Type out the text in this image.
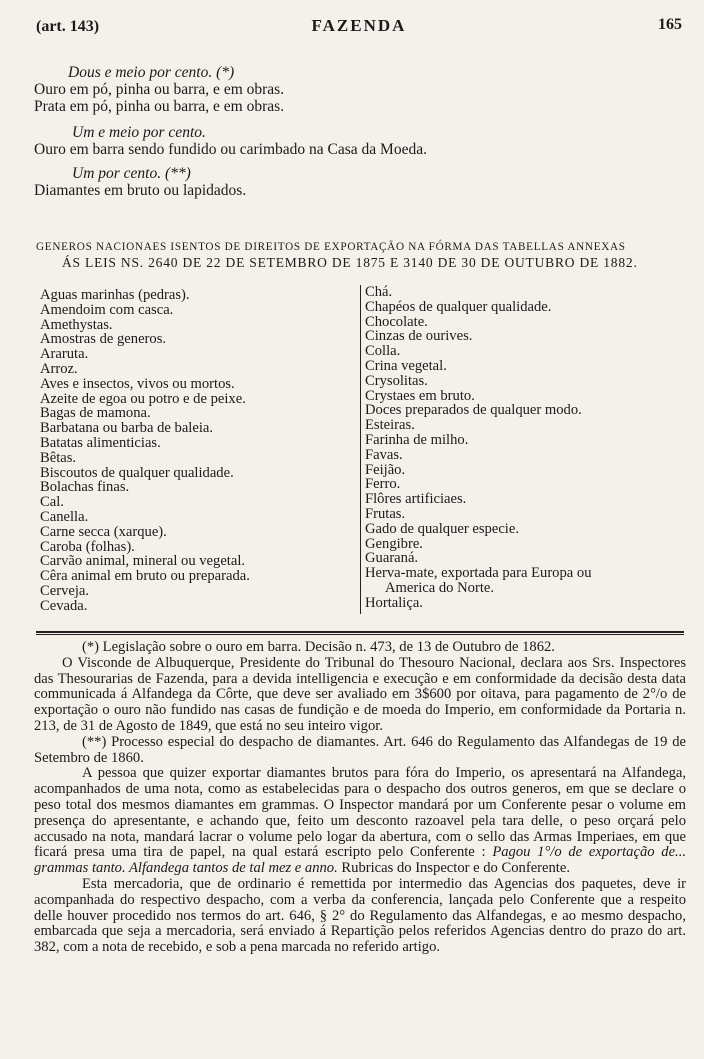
(art. 143)	FAZENDA	165
Dous e meio por cento. (*)
Ouro em pó, pinha ou barra, e em obras.
Prata em pó, pinha ou barra, e em obras.
Um e meio por cento.
Ouro em barra sendo fundido ou carimbado na Casa da Moeda.
Um por cento. (**)
Diamantes em bruto ou lapidados.
GENEROS NACIONAES ISENTOS DE DIREITOS DE EXPORTAÇÃO NA FÓRMA DAS TABELLAS ANNEXAS
ÁS LEIS NS. 2640 DE 22 DE SETEMBRO DE 1875 E 3140 DE 30 DE OUTUBRO DE 1882.
Aguas marinhas (pedras).
Amendoim com casca.
Amethystas.
Amostras de generos.
Araruta.
Arroz.
Aves e insectos, vivos ou mortos.
Azeite de egoa ou potro e de peixe.
Bagas de mamona.
Barbatana ou barba de baleia.
Batatas alimenticias.
Bêtas.
Biscoutos de qualquer qualidade.
Bolachas finas.
Cal.
Canella.
Carne secca (xarque).
Caroba (folhas).
Carvão animal, mineral ou vegetal.
Cêra animal em bruto ou preparada.
Cerveja.
Cevada.
Chá.
Chapéos de qualquer qualidade.
Chocolate.
Cinzas de ourives.
Colla.
Crina vegetal.
Crysolitas.
Crystaes em bruto.
Doces preparados de qualquer modo.
Esteiras.
Farinha de milho.
Favas.
Feijão.
Ferro.
Flôres artificiaes.
Frutas.
Gado de qualquer especie.
Gengibre.
Guaraná.
Herva-mate, exportada para Europa ou
America do Norte.
Hortaliça.

(*) Legislação sobre o ouro em barra. Decisão n. 473, de 13 de Outubro de 1862.

O Visconde de Albuquerque, Presidente do Tribunal do Thesouro Nacional, declara aos Srs. Inspectores das Thesourarias de Fazenda, para a devida intelligencia e execução e em conformidade da decisão desta data communicada á Alfandega da Côrte, que deve ser avaliado em 3$600 por oitava, para pagamento de 2°/o de exportação o ouro não fundido nas casas de fundição e de moeda do Imperio, em conformidade da Portaria n. 213, de 31 de Agosto de 1849, que está no seu inteiro vigor.

(**) Processo especial do despacho de diamantes. Art. 646 do Regulamento das Alfandegas de 19 de Setembro de 1860.

A pessoa que quizer exportar diamantes brutos para fóra do Imperio, os apresentará na Alfandega, acompanhados de uma nota, como as estabelecidas para o despacho dos outros generos, em que se declare o peso total dos mesmos diamantes em grammas. O Inspector mandará por um Conferente pesar o volume em presença do apresentante, e achando que, feito um desconto razoavel pela tara delle, o peso orçará pelo accusado na nota, mandará lacrar o volume pelo logar da abertura, com o sello das Armas Imperiaes, em que ficará presa uma tira de papel, na qual estará escripto pelo Conferente : Pagou 1°/o de exportação de... grammas tanto. Alfandega tantos de tal mez e anno. Rubricas do Inspector e do Conferente.

Esta mercadoria, que de ordinario é remettida por intermedio das Agencias dos paquetes, deve ir acompanhada do respectivo despacho, com a verba da conferencia, lançada pelo Conferente que a respeito delle houver procedido nos termos do art. 646, § 2° do Regulamento das Alfandegas, e ao mesmo despacho, embarcada que seja a mercadoria, será enviado á Repartição pelos referidos Agencias dentro do prazo do art. 382, com a nota de recebido, e sob a pena marcada no referido artigo.
